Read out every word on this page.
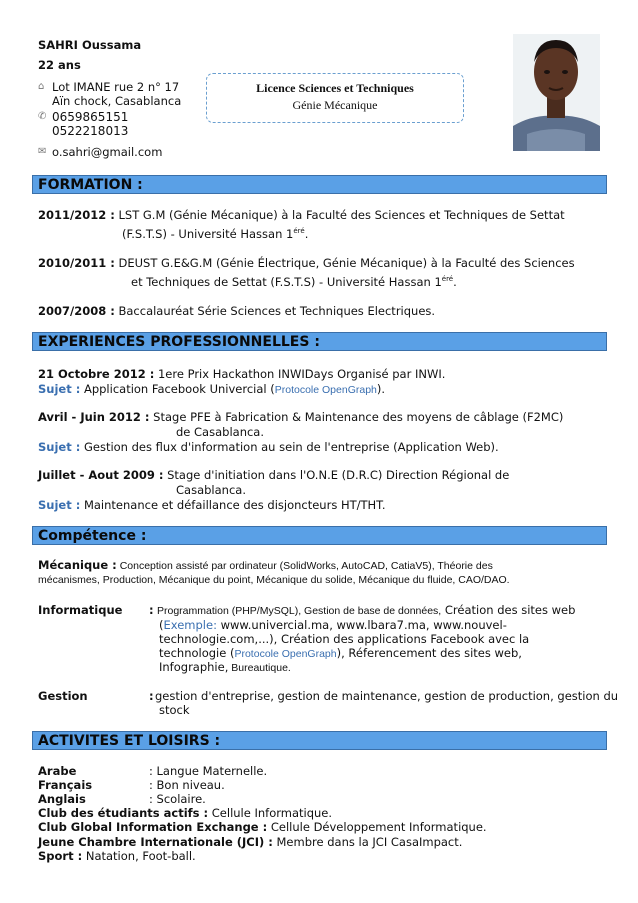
SAHRI Oussama
22 ans
⌂ Lot IMANE rue 2 n° 17
Aïn chock, Casablanca
✆ 0659865151
0522218013
✉ o.sahri@gmail.com
Licence Sciences et Techniques
Génie Mécanique
FORMATION :
2011/2012 : LST G.M (Génie Mécanique) à la Faculté des Sciences et Techniques de Settat
(F.S.T.S) - Université Hassan $1^{éré}$.
2010/2011 : DEUST G.E&G.M (Génie Électrique, Génie Mécanique) à la Faculté des Sciences
et Techniques de Settat (F.S.T.S) - Université Hassan $1^{éré}$.
2007/2008 : Baccalauréat Série Sciences et Techniques Electriques.
EXPERIENCES PROFESSIONNELLES :
21 Octobre 2012 : 1ere Prix Hackathon INWIDays Organisé par INWI.
Sujet : Application Facebook Univercial (Protocole OpenGraph).
Avril - Juin 2012 : Stage PFE à Fabrication & Maintenance des moyens de câblage (F2MC)
de Casablanca.
Sujet : Gestion des flux d'information au sein de l'entreprise (Application Web).
Juillet - Aout 2009 : Stage d'initiation dans l'O.N.E (D.R.C) Direction Régional de
Casablanca.
Sujet : Maintenance et défaillance des disjoncteurs HT/THT.
Compétence :
Mécanique : Conception assisté par ordinateur (SolidWorks, AutoCAD, CatiaV5), Théorie des
mécanismes, Production, Mécanique du point, Mécanique du solide, Mécanique du fluide, CAO/DAO.
Informatique : Programmation (PHP/MySQL), Gestion de base de données, Création des sites web
(Exemple: www.univercial.ma, www.lbara7.ma, www.nouvel-
technologie.com,...), Création des applications Facebook avec la
technologie (Protocole OpenGraph), Réferencement des sites web,
Infographie, Bureautique.
Gestion	: gestion d'entreprise, gestion de maintenance, gestion de production, gestion du
stock
ACTIVITES ET LOISIRS :
Arabe	: Langue Maternelle.
Français	: Bon niveau.
Anglais	: Scolaire.
Club des étudiants actifs : Cellule Informatique.
Club Global Information Exchange : Cellule Développement Informatique.
Jeune Chambre Internationale (JCI) : Membre dans la JCI CasaImpact.
Sport : Natation, Foot-ball.
